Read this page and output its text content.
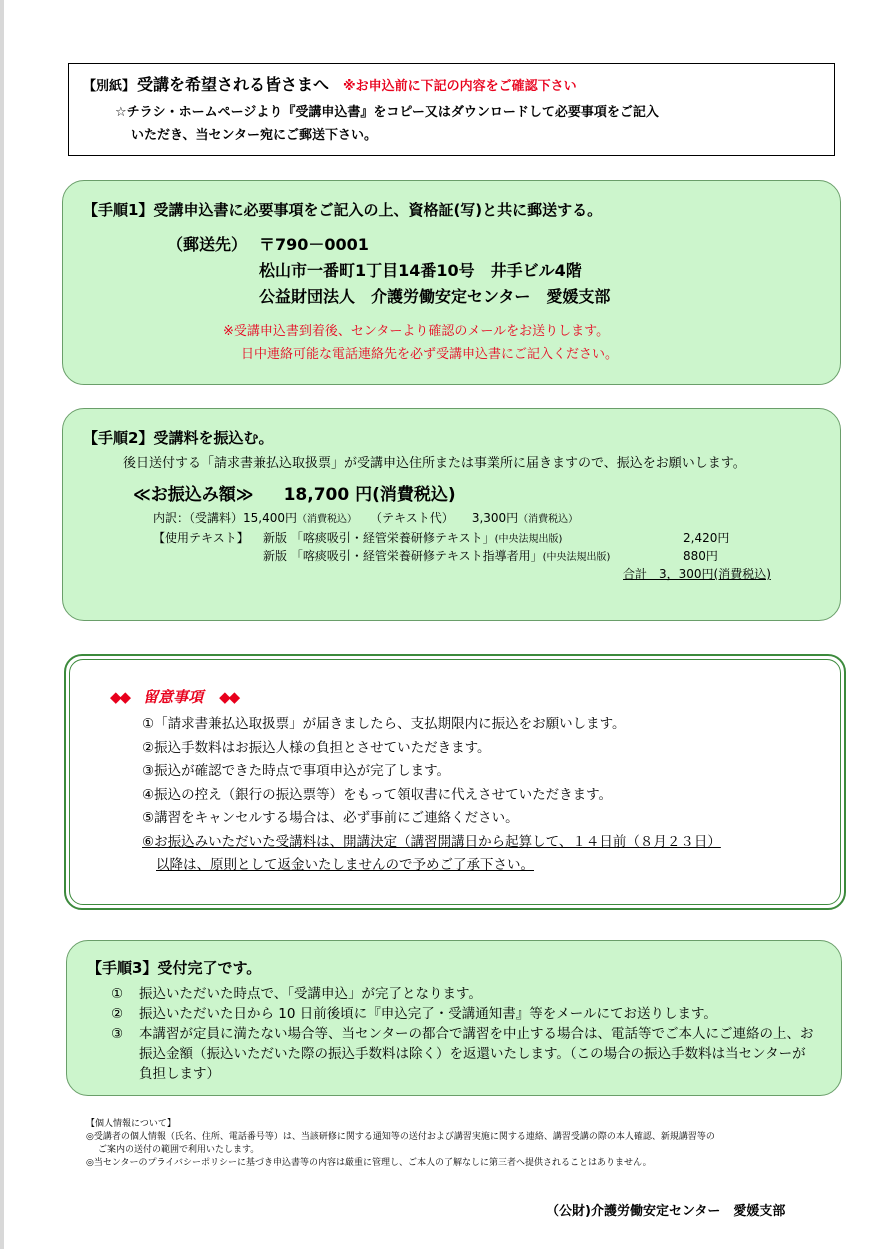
【別紙】 受講を希望される皆さまへ ※お申込前に下記の内容をご確認下さい
☆チラシ・ホームページより『受講申込書』をコピー又はダウンロードして必要事項をご記入
いただき、当センター宛にご郵送下さい。
【手順1】受講申込書に必要事項をご記入の上、資格証(写)と共に郵送する。
（郵送先） 〒790－0001
松山市一番町1丁目14番10号　井手ビル4階
公益財団法人　介護労働安定センター　愛媛支部
※受講申込書到着後、センターより確認のメールをお送りします。
日中連絡可能な電話連絡先を必ず受講申込書にご記入ください。
【手順2】受講料を振込む。
後日送付する「請求書兼払込取扱票」が受講申込住所または事業所に届きますので、振込をお願いします。
≪お振込み額≫ 18,700 円(消費税込)
内訳：（受講料）15,400円（消費税込）　　 （テキスト代）　　 3,300円（消費税込）
【使用テキスト】 新版 「喀痰吸引・経管栄養研修テキスト」(中央法規出版)	2,420円
新版 「喀痰吸引・経管栄養研修テキスト指導者用」(中央法規出版)	880円
合計　3，300円(消費税込)
◆◆ 留意事項 ◆◆
①「請求書兼払込取扱票」が届きましたら、支払期限内に振込をお願いします。
②振込手数料はお振込人様の負担とさせていただきます。
③振込が確認できた時点で事項申込が完了します。
④振込の控え（銀行の振込票等）をもって領収書に代えさせていただきます。
⑤講習をキャンセルする場合は、必ず事前にご連絡ください。
⑥お振込みいただいた受講料は、開講決定（講習開講日から起算して、１４日前（８月２３日）
以降は、原則として返金いたしませんので予めご了承下さい。
【手順3】受付完了です。
①	振込いただいた時点で、「受講申込」が完了となります。
②	振込いただいた日から 10 日前後頃に『申込完了・受講通知書』等をメールにてお送りします。
③	本講習が定員に満たない場合等、当センターの都合で講習を中止する場合は、電話等でご本人にご連絡の上、お振込金額（振込いただいた際の振込手数料は除く）を返還いたします。（この場合の振込手数料は当センターが負担します）
【個人情報について】
◎受講者の個人情報（氏名、住所、電話番号等）は、当該研修に関する通知等の送付および講習実施に関する連絡、講習受講の際の本人確認、新規講習等の
ご案内の送付の範囲で利用いたします。
◎当センターのプライバシーポリシーに基づき申込書等の内容は厳重に管理し、ご本人の了解なしに第三者へ提供されることはありません。
（公財)介護労働安定センター　愛媛支部
